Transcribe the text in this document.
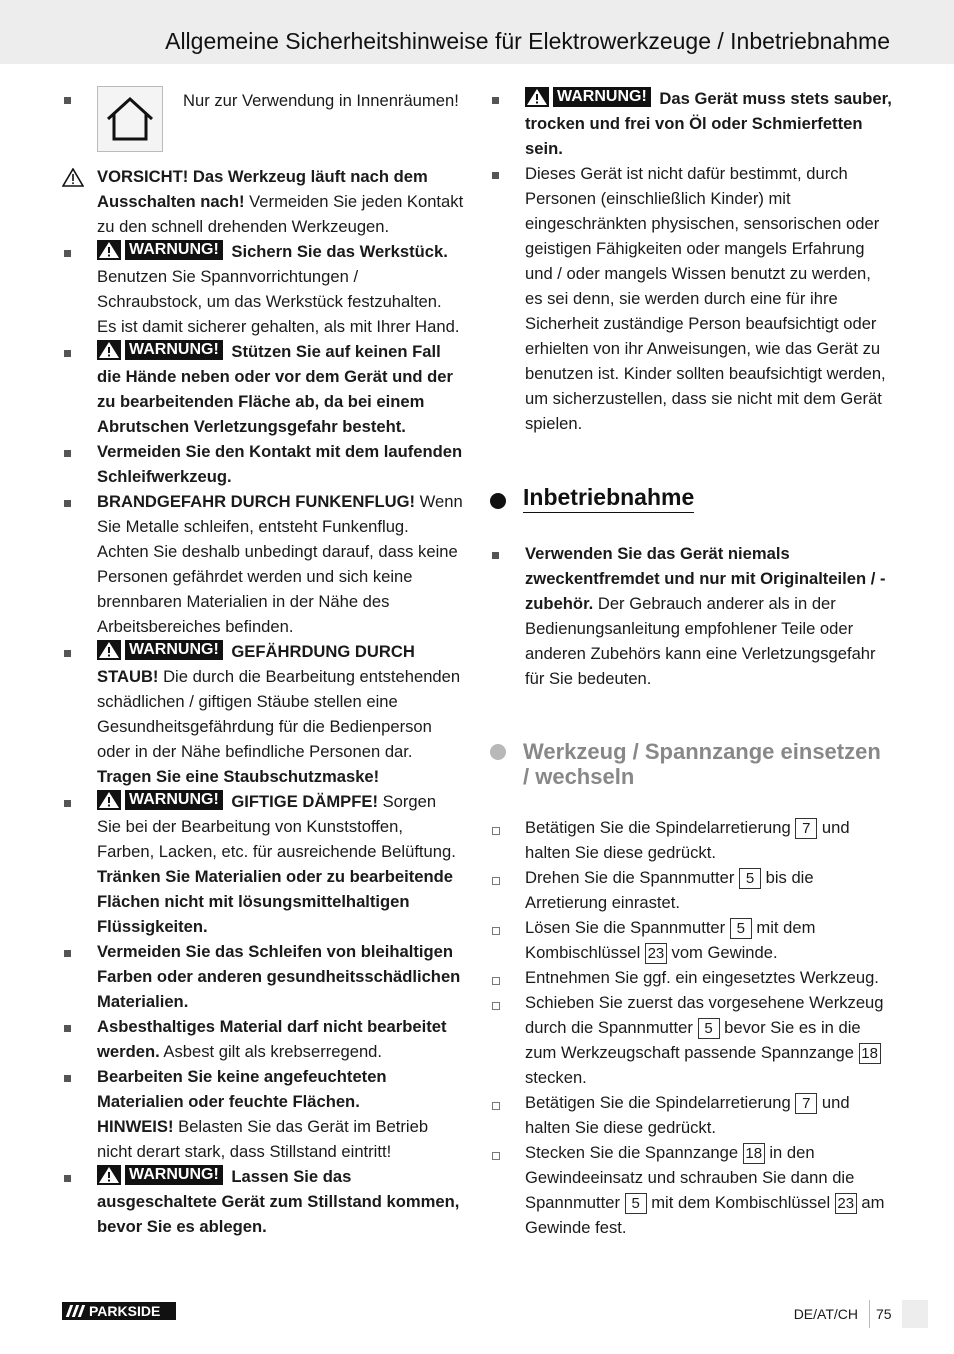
Allgemeine Sicherheitshinweise für Elektrowerkzeuge / Inbetriebnahme
Nur zur Verwendung in Innenräumen!
VORSICHT! Das Werkzeug läuft nach dem Ausschalten nach! Vermeiden Sie jeden Kontakt zu den schnell drehenden Werkzeugen.
WARNUNG! Sichern Sie das Werkstück. Benutzen Sie Spannvorrichtungen / Schraubstock, um das Werkstück festzuhalten. Es ist damit sicherer gehalten, als mit Ihrer Hand.
WARNUNG! Stützen Sie auf keinen Fall die Hände neben oder vor dem Gerät und der zu bearbeitenden Fläche ab, da bei einem Abrutschen Verletzungsgefahr besteht.
Vermeiden Sie den Kontakt mit dem laufenden Schleifwerkzeug.
BRANDGEFAHR DURCH FUNKENFLUG! Wenn Sie Metalle schleifen, entsteht Funkenflug. Achten Sie deshalb unbedingt darauf, dass keine Personen gefährdet werden und sich keine brennbaren Materialien in der Nähe des Arbeitsbereiches befinden.
WARNUNG! GEFÄHRDUNG DURCH STAUB! Die durch die Bearbeitung entstehenden schädlichen / giftigen Stäube stellen eine Gesundheitsgefährdung für die Bedienperson oder in der Nähe befindliche Personen dar.
Tragen Sie eine Staubschutzmaske!
WARNUNG! GIFTIGE DÄMPFE! Sorgen Sie bei der Bearbeitung von Kunststoffen, Farben, Lacken, etc. für ausreichende Belüftung.
Tränken Sie Materialien oder zu bearbeitende Flächen nicht mit lösungsmittelhaltigen Flüssigkeiten.
Vermeiden Sie das Schleifen von bleihaltigen Farben oder anderen gesundheitsschädlichen Materialien.
Asbesthaltiges Material darf nicht bearbeitet werden. Asbest gilt als krebserregend.
Bearbeiten Sie keine angefeuchteten Materialien oder feuchte Flächen.
HINWEIS! Belasten Sie das Gerät im Betrieb nicht derart stark, dass Stillstand eintritt!
WARNUNG! Lassen Sie das ausgeschaltete Gerät zum Stillstand kommen, bevor Sie es ablegen.
WARNUNG! Das Gerät muss stets sauber, trocken und frei von Öl oder Schmierfetten sein.
Dieses Gerät ist nicht dafür bestimmt, durch Personen (einschließlich Kinder) mit eingeschränkten physischen, sensorischen oder geistigen Fähigkeiten oder mangels Erfahrung und / oder mangels Wissen benutzt zu werden, es sei denn, sie werden durch eine für ihre Sicherheit zuständige Person beaufsichtigt oder erhielten von ihr Anweisungen, wie das Gerät zu benutzen ist. Kinder sollten beaufsichtigt werden, um sicherzustellen, dass sie nicht mit dem Gerät spielen.
Inbetriebnahme
Verwenden Sie das Gerät niemals zweckentfremdet und nur mit Originalteilen / -zubehör. Der Gebrauch anderer als in der Bedienungsanleitung empfohlener Teile oder anderen Zubehörs kann eine Verletzungsgefahr für Sie bedeuten.
Werkzeug / Spannzange einsetzen / wechseln
Betätigen Sie die Spindelarretierung 7 und halten Sie diese gedrückt.
Drehen Sie die Spannmutter 5 bis die Arretierung einrastet.
Lösen Sie die Spannmutter 5 mit dem Kombischlüssel 23 vom Gewinde.
Entnehmen Sie ggf. ein eingesetztes Werkzeug.
Schieben Sie zuerst das vorgesehene Werkzeug durch die Spannmutter 5 bevor Sie es in die zum Werkzeugschaft passende Spannzange 18 stecken.
Betätigen Sie die Spindelarretierung 7 und halten Sie diese gedrückt.
Stecken Sie die Spannzange 18 in den Gewindeeinsatz und schrauben Sie dann die Spannmutter 5 mit dem Kombischlüssel 23 am Gewinde fest.
PARKSIDE	DE/AT/CH 75
